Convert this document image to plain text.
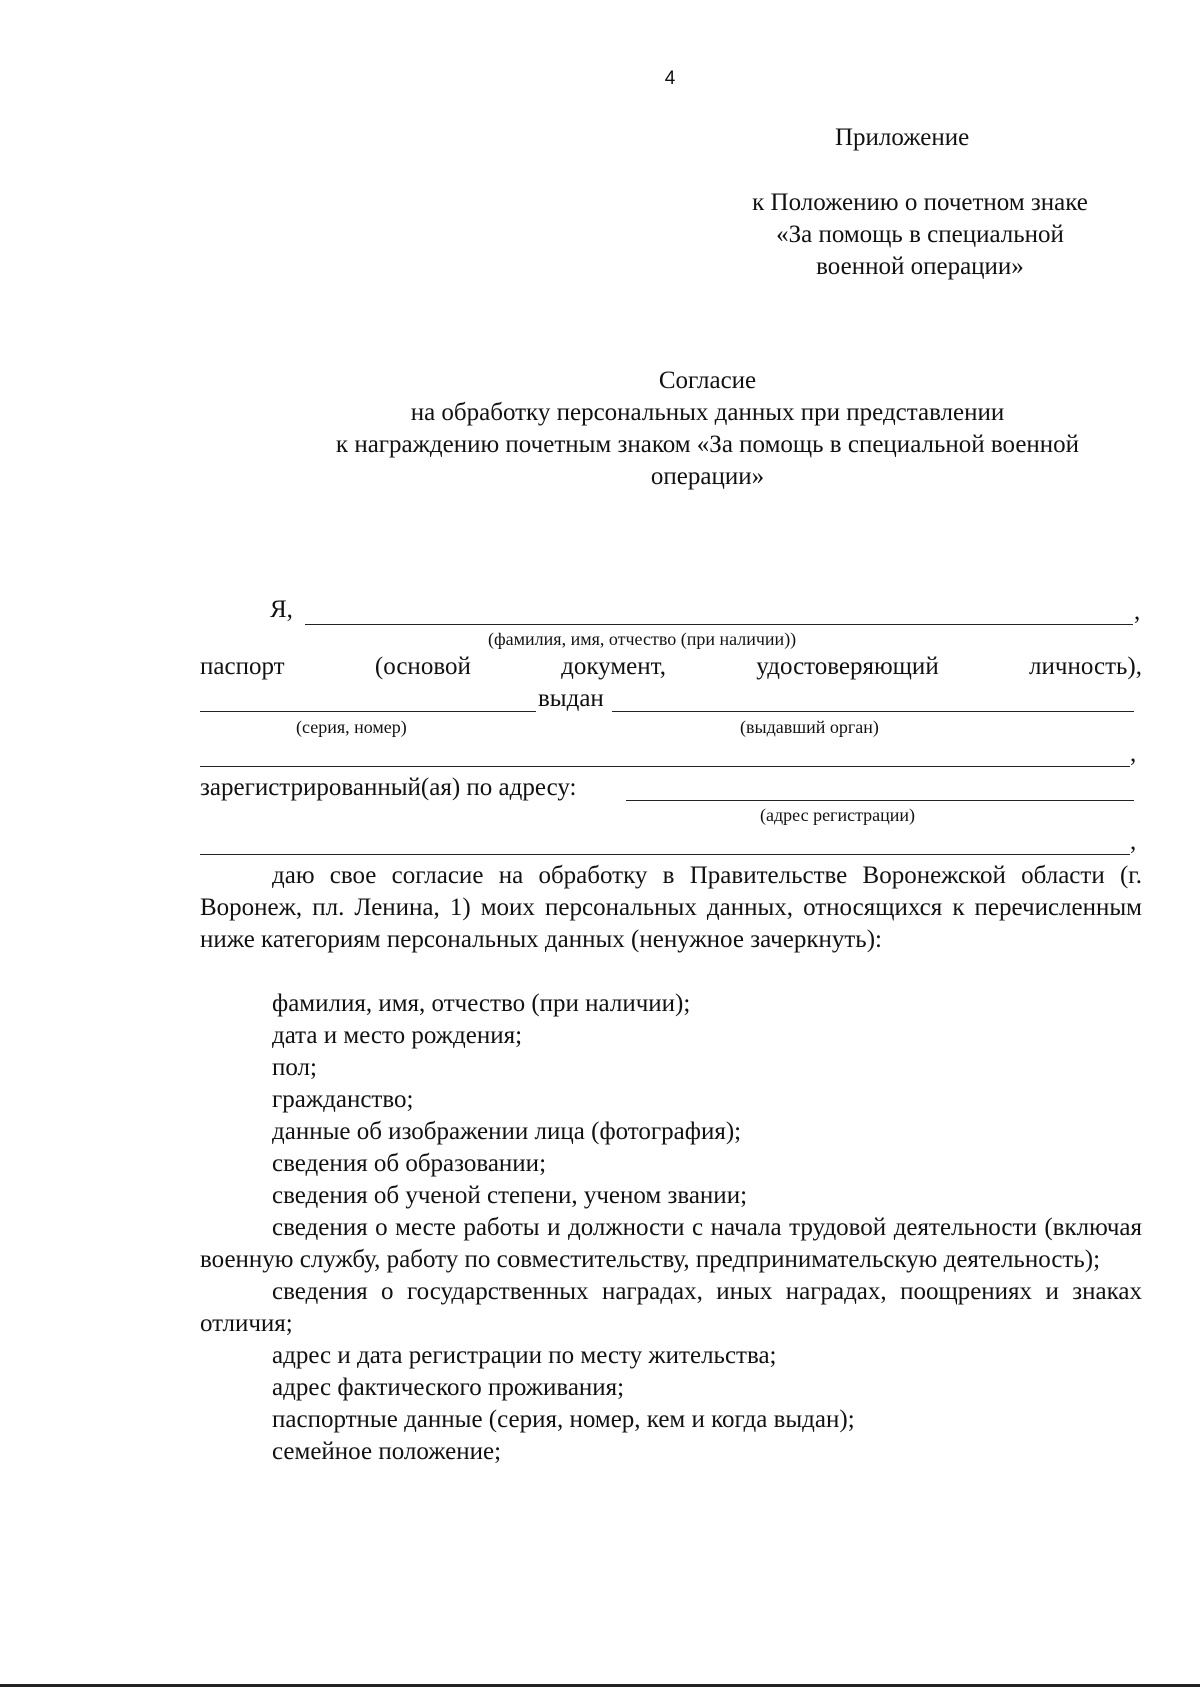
4
Приложение
к Положению о почетном знаке
«За помощь в специальной
военной операции»
Согласие
на обработку персональных данных при представлении
к награждению почетным знаком «За помощь в специальной военной
операции»
Я,	,
(фамилия, имя, отчество (при наличии))
паспорт	(основой	документ,	удостоверяющий	личность),
выдан
(серия, номер)	(выдавший орган)
,
зарегистрированный(ая) по адресу:
(адрес регистрации)
,
даю свое согласие на обработку в Правительстве Воронежской области (г. Воронеж, пл. Ленина, 1) моих персональных данных, относящихся к перечисленным ниже категориям персональных данных (ненужное зачеркнуть):

фамилия, имя, отчество (при наличии);

дата и место рождения;

пол;

гражданство;

данные об изображении лица (фотография);

сведения об образовании;

сведения об ученой степени, ученом звании;

сведения о месте работы и должности с начала трудовой деятельности (включая военную службу, работу по совместительству, предпринимательскую деятельность);

сведения о государственных наградах, иных наградах, поощрениях и знаках отличия;

адрес и дата регистрации по месту жительства;

адрес фактического проживания;

паспортные данные (серия, номер, кем и когда выдан);

семейное положение;
